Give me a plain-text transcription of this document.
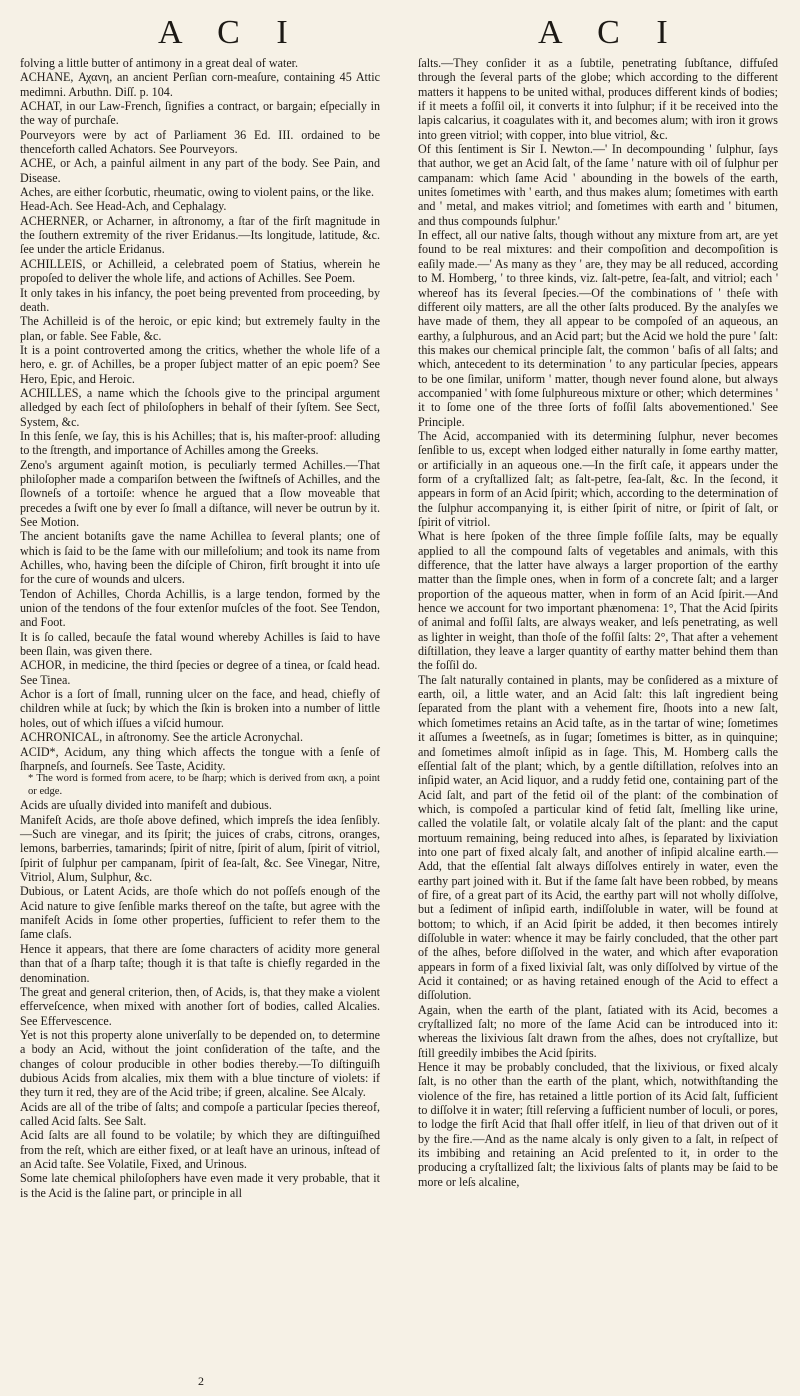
A C I	A C I

folving a little butter of antimony in a great deal of water.

ACHANE, Αχανη, an ancient Perſian corn-meaſure, containing 45 Attic medimni. Arbuthn. Diſſ. p. 104.

ACHAT, in our Law-French, ſignifies a contract, or bargain; eſpecially in the way of purchaſe.

Pourveyors were by act of Parliament 36 Ed. III. ordained to be thenceforth called Achators. See Pourveyors.

ACHE, or Ach, a painful ailment in any part of the body. See Pain, and Disease.

Aches, are either ſcorbutic, rheumatic, owing to violent pains, or the like.

Head-Ach. See Head-Ach, and Cephalagy.

ACHERNER, or Acharner, in aſtronomy, a ſtar of the firſt magnitude in the ſouthern extremity of the river Eridanus.—Its longitude, latitude, &c. ſee under the article Eridanus.

ACHILLEIS, or Achilleid, a celebrated poem of Statius, wherein he propoſed to deliver the whole life, and actions of Achilles. See Poem.

It only takes in his infancy, the poet being prevented from proceeding, by death.

The Achilleid is of the heroic, or epic kind; but extremely faulty in the plan, or fable. See Fable, &c.

It is a point controverted among the critics, whether the whole life of a hero, e. gr. of Achilles, be a proper ſubject matter of an epic poem? See Hero, Epic, and Heroic.

ACHILLES, a name which the ſchools give to the principal argument alledged by each ſect of philoſophers in behalf of their ſyſtem. See Sect, System, &c.

In this ſenſe, we ſay, this is his Achilles; that is, his maſter-proof: alluding to the ſtrength, and importance of Achilles among the Greeks.

Zeno's argument againſt motion, is peculiarly termed Achilles.—That philoſopher made a compariſon between the ſwiftneſs of Achilles, and the ſlowneſs of a tortoiſe: whence he argued that a ſlow moveable that precedes a ſwift one by ever ſo ſmall a diſtance, will never be outrun by it. See Motion.

The ancient botaniſts gave the name Achillea to ſeveral plants; one of which is ſaid to be the ſame with our milleſolium; and took its name from Achilles, who, having been the diſciple of Chiron, firſt brought it into uſe for the cure of wounds and ulcers.

Tendon of Achilles, Chorda Achillis, is a large tendon, formed by the union of the tendons of the four extenſor muſcles of the foot. See Tendon, and Foot.

It is ſo called, becauſe the fatal wound whereby Achilles is ſaid to have been ſlain, was given there.

ACHOR, in medicine, the third ſpecies or degree of a tinea, or ſcald head. See Tinea.

Achor is a ſort of ſmall, running ulcer on the face, and head, chiefly of children while at ſuck; by which the ſkin is broken into a number of little holes, out of which iſſues a viſcid humour.

ACHRONICAL, in aſtronomy. See the article Acronychal.

ACID*, Acidum, any thing which affects the tongue with a ſenſe of ſharpneſs, and ſourneſs. See Taste, Acidity.

* The word is formed from acere, to be ſharp; which is derived from ακη, a point or edge.

Acids are uſually divided into manifeſt and dubious.

Manifeſt Acids, are thoſe above defined, which impreſs the idea ſenſibly.—Such are vinegar, and its ſpirit; the juices of crabs, citrons, oranges, lemons, barberries, tamarinds; ſpirit of nitre, ſpirit of alum, ſpirit of vitriol, ſpirit of ſulphur per campanam, ſpirit of ſea-ſalt, &c. See Vinegar, Nitre, Vitriol, Alum, Sulphur, &c.

Dubious, or Latent Acids, are thoſe which do not poſſeſs enough of the Acid nature to give ſenſible marks thereof on the taſte, but agree with the manifeſt Acids in ſome other properties, ſufficient to refer them to the ſame claſs.

Hence it appears, that there are ſome characters of acidity more general than that of a ſharp taſte; though it is that taſte is chiefly regarded in the denomination.

The great and general criterion, then, of Acids, is, that they make a violent efferveſcence, when mixed with another ſort of bodies, called Alcalies. See Effervescence.

Yet is not this property alone univerſally to be depended on, to determine a body an Acid, without the joint conſideration of the taſte, and the changes of colour producible in other bodies thereby.—To diſtinguiſh dubious Acids from alcalies, mix them with a blue tincture of violets: if they turn it red, they are of the Acid tribe; if green, alcaline. See Alcaly.

Acids are all of the tribe of ſalts; and compoſe a particular ſpecies thereof, called Acid ſalts. See Salt.

Acid ſalts are all found to be volatile; by which they are diſtinguiſhed from the reſt, which are either fixed, or at leaſt have an urinous, inſtead of an Acid taſte. See Volatile, Fixed, and Urinous.

Some late chemical philoſophers have even made it very probable, that it is the Acid is the ſaline part, or principle in all

ſalts.—They conſider it as a ſubtile, penetrating ſubſtance, diffuſed through the ſeveral parts of the globe; which according to the different matters it happens to be united withal, produces different kinds of bodies; if it meets a foſſil oil, it converts it into ſulphur; if it be received into the lapis calcarius, it coagulates with it, and becomes alum; with iron it grows into green vitriol; with copper, into blue vitriol, &c.

Of this ſentiment is Sir I. Newton.—' In decompounding ' ſulphur, ſays that author, we get an Acid ſalt, of the ſame ' nature with oil of ſulphur per campanam: which ſame Acid ' abounding in the bowels of the earth, unites ſometimes with ' earth, and thus makes alum; ſometimes with earth and ' metal, and makes vitriol; and ſometimes with earth and ' bitumen, and thus compounds ſulphur.'

In effect, all our native ſalts, though without any mixture from art, are yet found to be real mixtures: and their compoſition and decompoſition is eaſily made.—' As many as they ' are, they may be all reduced, according to M. Homberg, ' to three kinds, viz. ſalt-petre, ſea-ſalt, and vitriol; each ' whereof has its ſeveral ſpecies.—Of the combinations of ' theſe with different oily matters, are all the other ſalts produced. By the analyſes we have made of them, they all appear to be compoſed of an aqueous, an earthy, a ſulphurous, and an Acid part; but the Acid we hold the pure ' ſalt: this makes our chemical principle ſalt, the common ' baſis of all ſalts; and which, antecedent to its determination ' to any particular ſpecies, appears to be one ſimilar, uniform ' matter, though never found alone, but always accompanied ' with ſome ſulphureous mixture or other; which determines ' it to ſome one of the three ſorts of foſſil ſalts abovementioned.' See Principle.

The Acid, accompanied with its determining ſulphur, never becomes ſenſible to us, except when lodged either naturally in ſome earthy matter, or artificially in an aqueous one.—In the firſt caſe, it appears under the form of a cryſtallized ſalt; as ſalt-petre, ſea-ſalt, &c. In the ſecond, it appears in form of an Acid ſpirit; which, according to the determination of the ſulphur accompanying it, is either ſpirit of nitre, or ſpirit of ſalt, or ſpirit of vitriol.

What is here ſpoken of the three ſimple foſſile ſalts, may be equally applied to all the compound ſalts of vegetables and animals, with this difference, that the latter have always a larger proportion of the earthy matter than the ſimple ones, when in form of a concrete ſalt; and a larger proportion of the aqueous matter, when in form of an Acid ſpirit.—And hence we account for two important phænomena: 1°, That the Acid ſpirits of animal and foſſil ſalts, are always weaker, and leſs penetrating, as well as lighter in weight, than thoſe of the foſſil ſalts: 2°, That after a vehement diſtillation, they leave a larger quantity of earthy matter behind them than the foſſil do.

The ſalt naturally contained in plants, may be conſidered as a mixture of earth, oil, a little water, and an Acid ſalt: this laſt ingredient being ſeparated from the plant with a vehement fire, ſhoots into a new ſalt, which ſometimes retains an Acid taſte, as in the tartar of wine; ſometimes it aſſumes a ſweetneſs, as in ſugar; ſometimes is bitter, as in quinquine; and ſometimes almoſt inſipid as in ſage. This, M. Homberg calls the eſſential ſalt of the plant; which, by a gentle diſtillation, reſolves into an inſipid water, an Acid liquor, and a ruddy fetid one, containing part of the Acid ſalt, and part of the fetid oil of the plant: of the combination of which, is compoſed a particular kind of fetid ſalt, ſmelling like urine, called the volatile ſalt, or volatile alcaly ſalt of the plant: and the caput mortuum remaining, being reduced into aſhes, is ſeparated by lixiviation into one part of fixed alcaly ſalt, and another of inſipid alcaline earth.—Add, that the eſſential ſalt always diſſolves entirely in water, even the earthy part joined with it. But if the ſame ſalt have been robbed, by means of fire, of a great part of its Acid, the earthy part will not wholly diſſolve, but a ſediment of inſipid earth, indiſſoluble in water, will be found at bottom; to which, if an Acid ſpirit be added, it then becomes intirely diſſoluble in water: whence it may be fairly concluded, that the other part of the aſhes, before diſſolved in the water, and which after evaporation appears in form of a fixed lixivial ſalt, was only diſſolved by virtue of the Acid it contained; or as having retained enough of the Acid to effect a diſſolution.

Again, when the earth of the plant, ſatiated with its Acid, becomes a cryſtallized ſalt; no more of the ſame Acid can be introduced into it: whereas the lixivious ſalt drawn from the aſhes, does not cryſtallize, but ſtill greedily imbibes the Acid ſpirits.

Hence it may be probably concluded, that the lixivious, or fixed alcaly ſalt, is no other than the earth of the plant, which, notwithſtanding the violence of the fire, has retained a little portion of its Acid ſalt, ſufficient to diſſolve it in water; ſtill reſerving a ſufficient number of loculi, or pores, to lodge the firſt Acid that ſhall offer itſelf, in lieu of that driven out of it by the fire.—And as the name alcaly is only given to a ſalt, in reſpect of its imbibing and retaining an Acid preſented to it, in order to the producing a cryſtallized ſalt; the lixivious ſalts of plants may be ſaid to be more or leſs alcaline,

2
